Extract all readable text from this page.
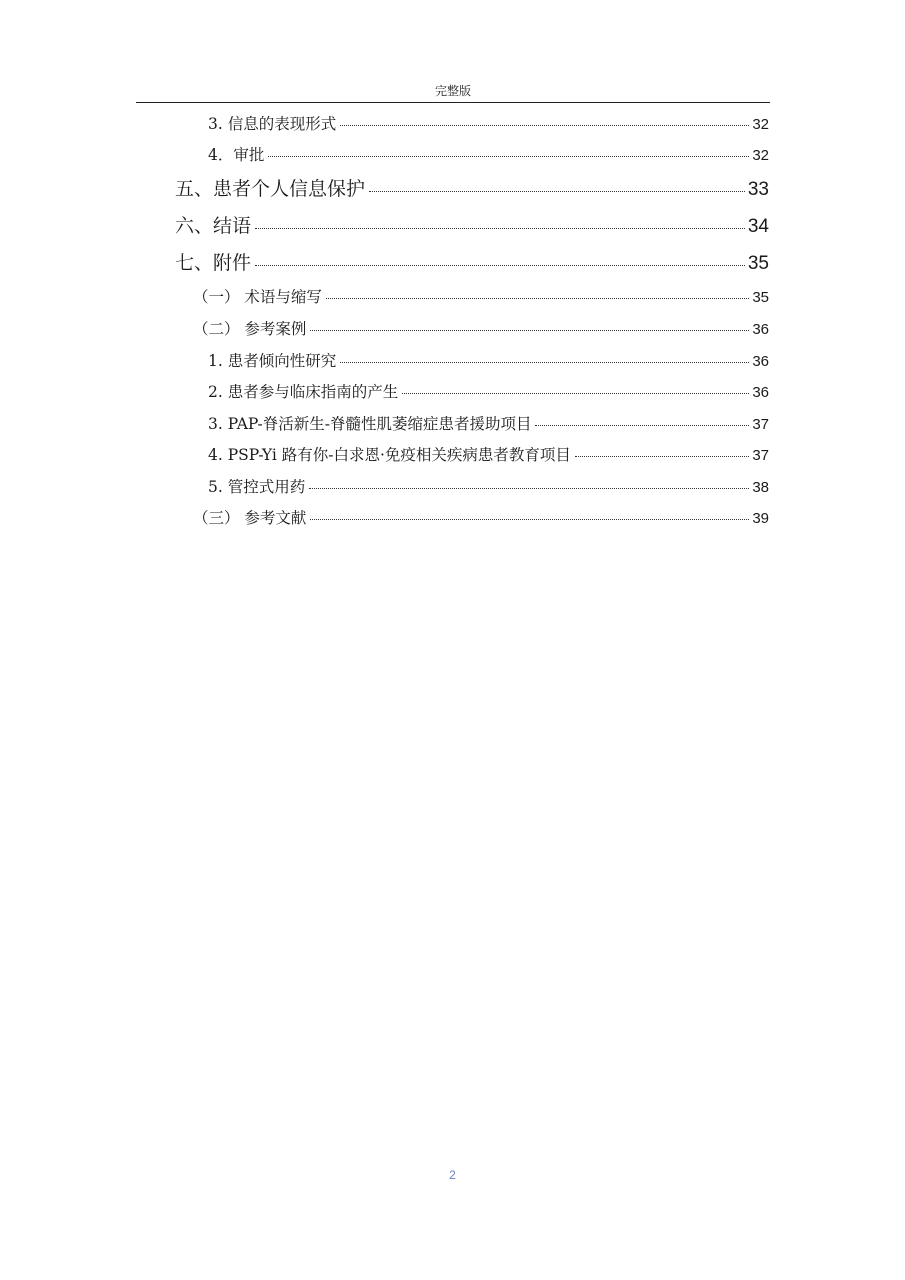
完整版
3. 信息的表现形式	32
4．审批	32
五、患者个人信息保护	33
六、结语	34
七、附件	35
（一） 术语与缩写	35
（二） 参考案例	36
1. 患者倾向性研究	36
2. 患者参与临床指南的产生	36
3. PAP-脊活新生-脊髓性肌萎缩症患者援助项目	37
4. PSP-Yi 路有你-白求恩·免疫相关疾病患者教育项目	37
5. 管控式用药	38
（三） 参考文献	39
2
